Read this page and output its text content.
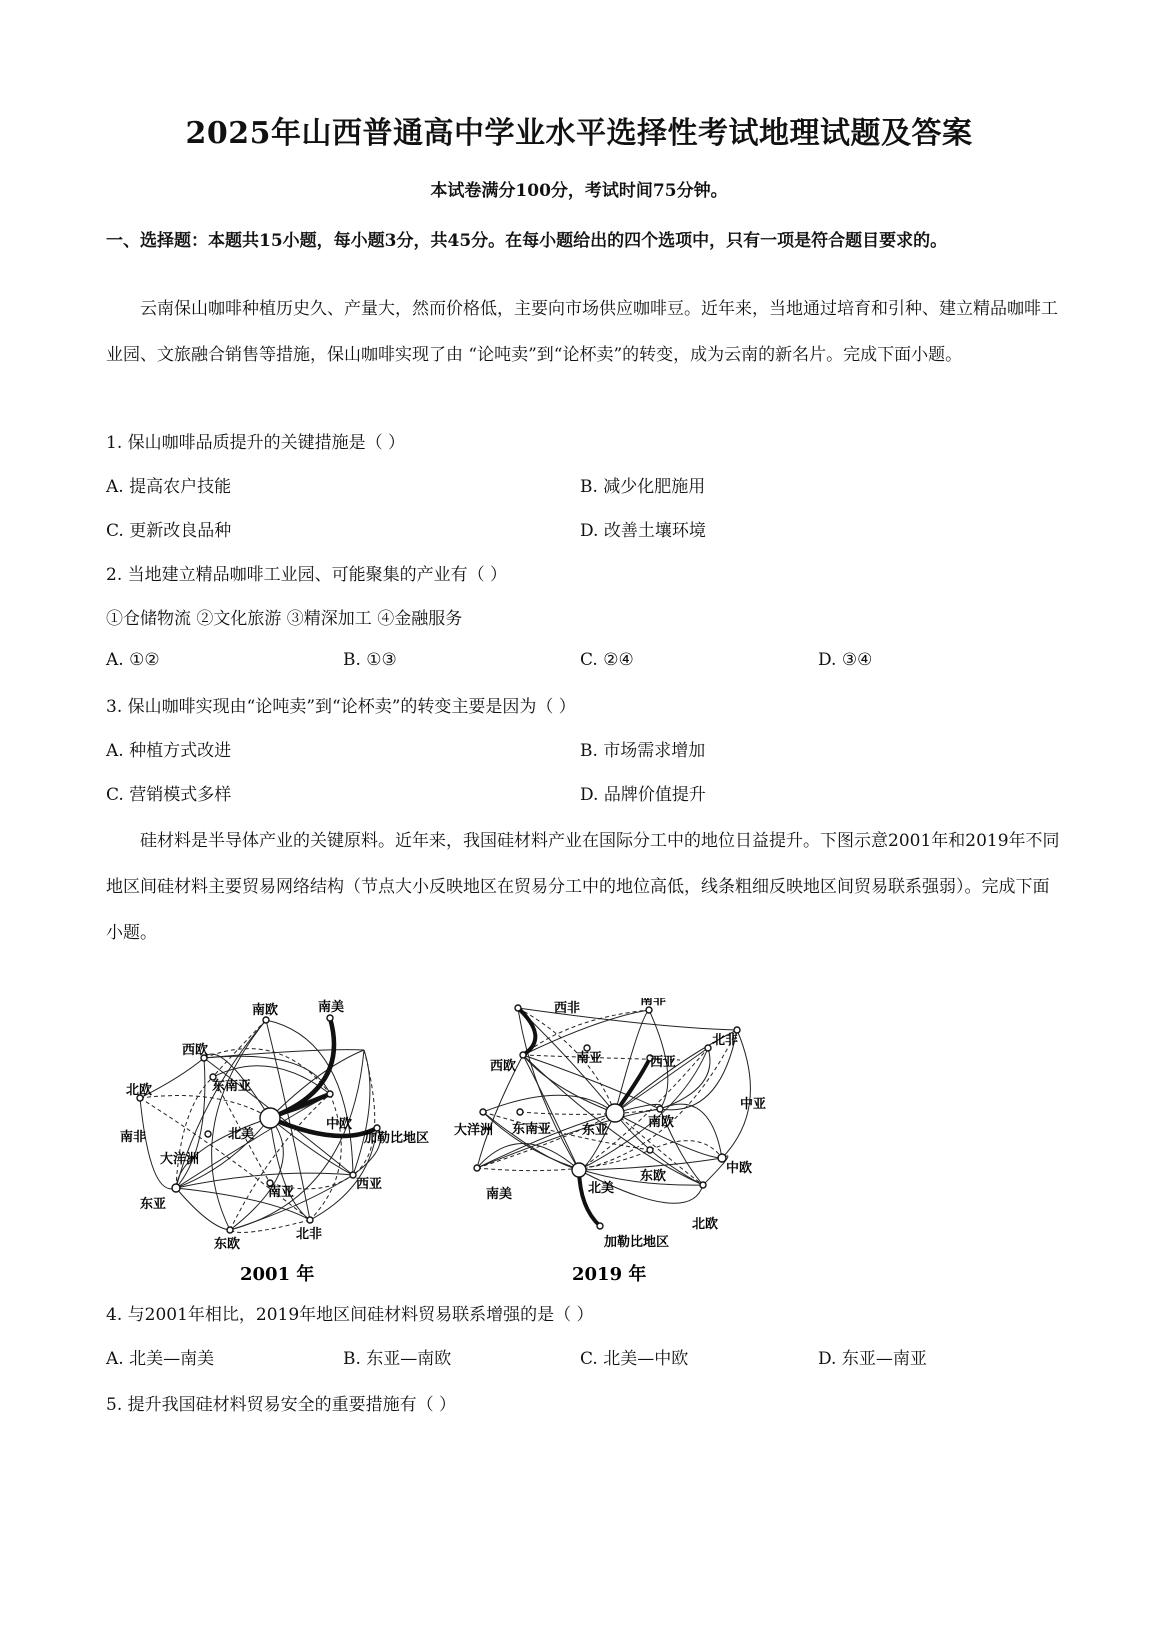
2025年山西普通高中学业水平选择性考试地理试题及答案
本试卷满分100分，考试时间75分钟。
一、选择题：本题共15小题，每小题3分，共45分。在每小题给出的四个选项中，只有一项是符合题目要求的。
云南保山咖啡种植历史久、产量大，然而价格低，主要向市场供应咖啡豆。近年来，当地通过培育和引种、建立精品咖啡工业园、文旅融合销售等措施，保山咖啡实现了由 “论吨卖”到“论杯卖”的转变，成为云南的新名片。完成下面小题。
1. 保山咖啡品质提升的关键措施是（ ）
A. 提高农户技能	B. 减少化肥施用
C. 更新改良品种	D. 改善土壤环境
2. 当地建立精品咖啡工业园、可能聚集的产业有（ ）
①仓储物流 ②文化旅游 ③精深加工 ④金融服务
A. ①②	B. ①③	C. ②④	D. ③④
3. 保山咖啡实现由“论吨卖”到“论杯卖”的转变主要是因为（ ）
A. 种植方式改进	B. 市场需求增加
C. 营销模式多样	D. 品牌价值提升
硅材料是半导体产业的关键原料。近年来，我国硅材料产业在国际分工中的地位日益提升。下图示意2001年和2019年不同地区间硅材料主要贸易网络结构（节点大小反映地区在贸易分工中的地位高低，线条粗细反映地区间贸易联系强弱）。完成下面小题。
南欧	南美
西欧
北欧	东南亚
南非	北美
中欧
加勒比地区
大洋洲
南亚
西亚
东亚
东欧
北非
西非
南非
北非
西欧
南亚	西亚
中亚
大洋洲 东南亚 东亚
南欧
中欧
东欧
南美	北美
北欧
加勒比地区
2001 年	2019 年
4. 与2001年相比，2019年地区间硅材料贸易联系增强的是（ ）
A. 北美—南美	B. 东亚—南欧	C. 北美—中欧	D. 东亚—南亚
5. 提升我国硅材料贸易安全的重要措施有（ ）
